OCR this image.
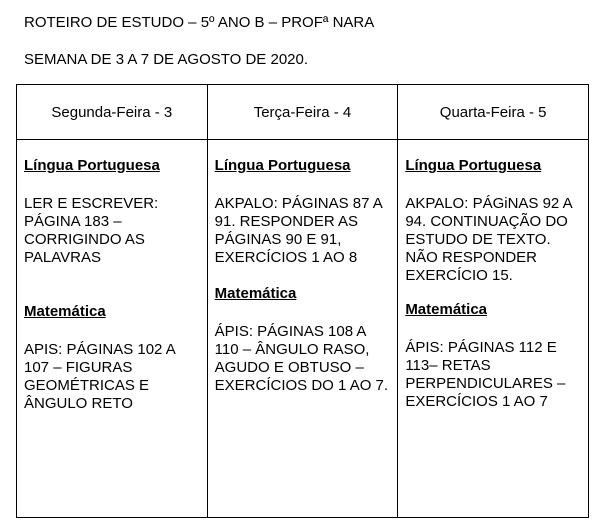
ROTEIRO DE ESTUDO – 5º ANO B – PROFª NARA
SEMANA DE 3 A 7 DE AGOSTO DE 2020.
Segunda-Feira - 3	Terça-Feira - 4	Quarta-Feira - 5

Língua Portuguesa
LER E ESCREVER: PÁGINA 183 – CORRIGINDO AS PALAVRAS
Matemática
APIS: PÁGINAS 102 A 107 – FIGURAS GEOMÉTRICAS E ÂNGULO RETO	Língua Portuguesa
AKPALO: PÁGINAS 87 A 91. RESPONDER AS PÁGINAS 90 E 91, EXERCÍCIOS 1 AO 8
Matemática
ÁPIS: PÁGINAS 108 A 110 – ÂNGULO RASO, AGUDO E OBTUSO – EXERCÍCIOS DO 1 AO 7.	Língua Portuguesa
AKPALO: PÁGiNAS 92 A 94. CONTINUAÇÃO DO ESTUDO DE TEXTO. NÃO RESPONDER EXERCÍCIO 15.
Matemática
ÁPIS: PÁGINAS 112 E 113– RETAS PERPENDICULARES – EXERCÍCIOS 1 AO 7
